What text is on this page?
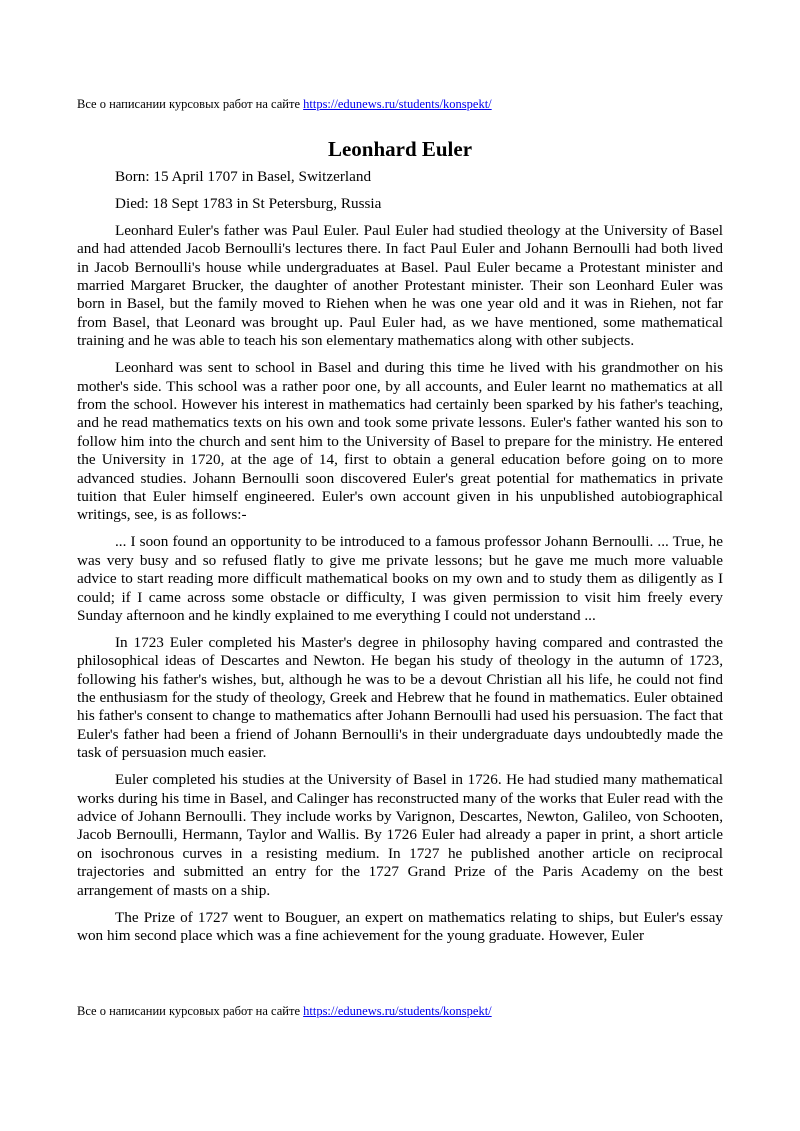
Все о написании курсовых работ на сайте https://edunews.ru/students/konspekt/
Leonhard Euler

Born: 15 April 1707 in Basel, Switzerland

Died: 18 Sept 1783 in St Petersburg, Russia

Leonhard Euler's father was Paul Euler. Paul Euler had studied theology at the University of Basel and had attended Jacob Bernoulli's lectures there. In fact Paul Euler and Johann Bernoulli had both lived in Jacob Bernoulli's house while undergraduates at Basel. Paul Euler became a Protestant minister and married Margaret Brucker, the daughter of another Protestant minister. Their son Leonhard Euler was born in Basel, but the family moved to Riehen when he was one year old and it was in Riehen, not far from Basel, that Leonard was brought up. Paul Euler had, as we have mentioned, some mathematical training and he was able to teach his son elementary mathematics along with other subjects.

Leonhard was sent to school in Basel and during this time he lived with his grandmother on his mother's side. This school was a rather poor one, by all accounts, and Euler learnt no mathematics at all from the school. However his interest in mathematics had certainly been sparked by his father's teaching, and he read mathematics texts on his own and took some private lessons. Euler's father wanted his son to follow him into the church and sent him to the University of Basel to prepare for the ministry. He entered the University in 1720, at the age of 14, first to obtain a general education before going on to more advanced studies. Johann Bernoulli soon discovered Euler's great potential for mathematics in private tuition that Euler himself engineered. Euler's own account given in his unpublished autobiographical writings, see, is as follows:-

... I soon found an opportunity to be introduced to a famous professor Johann Bernoulli. ... True, he was very busy and so refused flatly to give me private lessons; but he gave me much more valuable advice to start reading more difficult mathematical books on my own and to study them as diligently as I could; if I came across some obstacle or difficulty, I was given permission to visit him freely every Sunday afternoon and he kindly explained to me everything I could not understand ...

In 1723 Euler completed his Master's degree in philosophy having compared and contrasted the philosophical ideas of Descartes and Newton. He began his study of theology in the autumn of 1723, following his father's wishes, but, although he was to be a devout Christian all his life, he could not find the enthusiasm for the study of theology, Greek and Hebrew that he found in mathematics. Euler obtained his father's consent to change to mathematics after Johann Bernoulli had used his persuasion. The fact that Euler's father had been a friend of Johann Bernoulli's in their undergraduate days undoubtedly made the task of persuasion much easier.

Euler completed his studies at the University of Basel in 1726. He had studied many mathematical works during his time in Basel, and Calinger has reconstructed many of the works that Euler read with the advice of Johann Bernoulli. They include works by Varignon, Descartes, Newton, Galileo, von Schooten, Jacob Bernoulli, Hermann, Taylor and Wallis. By 1726 Euler had already a paper in print, a short article on isochronous curves in a resisting medium. In 1727 he published another article on reciprocal trajectories and submitted an entry for the 1727 Grand Prize of the Paris Academy on the best arrangement of masts on a ship.

The Prize of 1727 went to Bouguer, an expert on mathematics relating to ships, but Euler's essay won him second place which was a fine achievement for the young graduate. However, Euler

Все о написании курсовых работ на сайте https://edunews.ru/students/konspekt/
